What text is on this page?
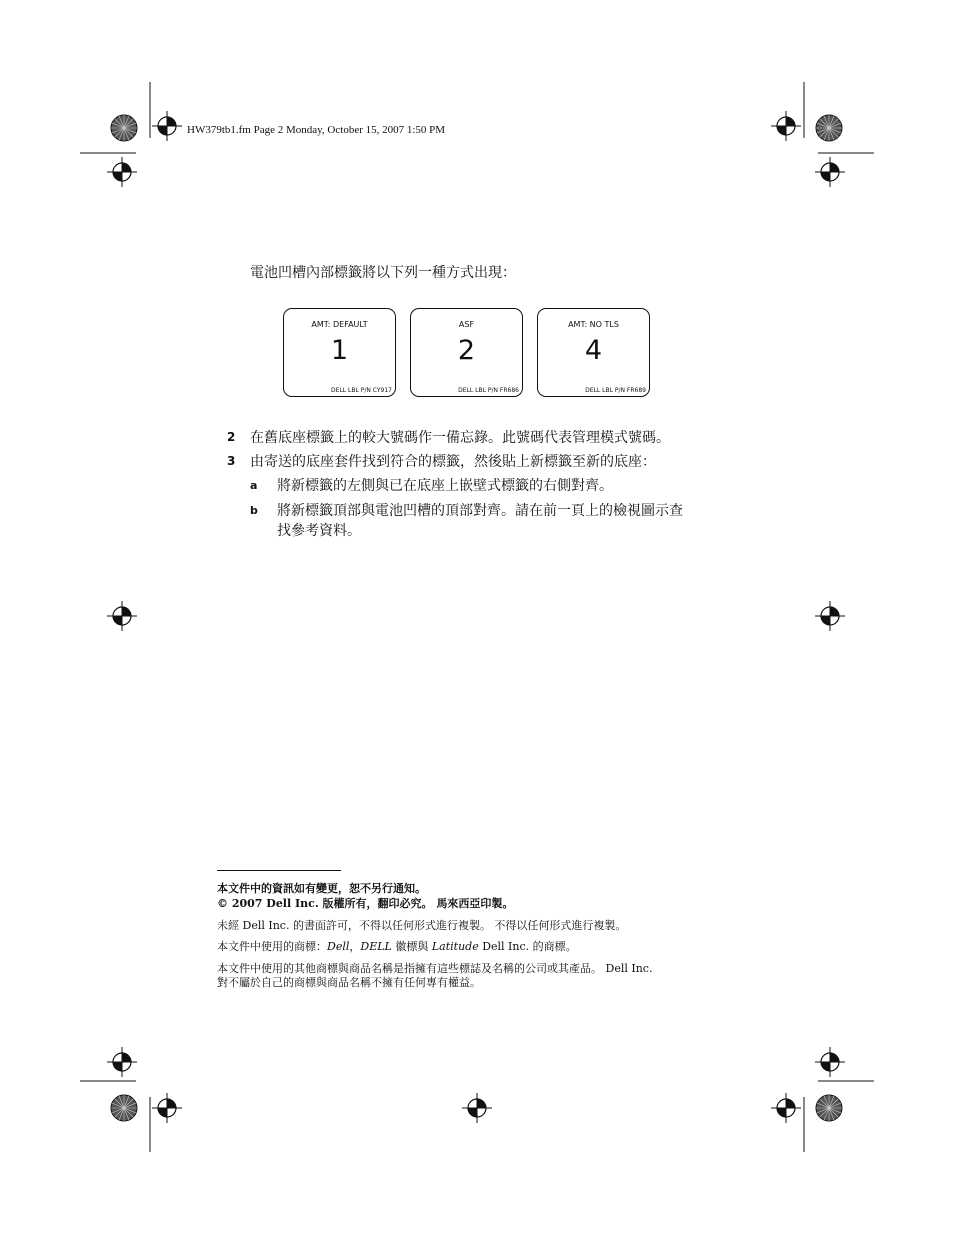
HW379tb1.fm Page 2 Monday, October 15, 2007 1:50 PM
電池凹槽內部標籤將以下列一種方式出現：
AMT: DEFAULT
1
DELL LBL P/N CY917
ASF
2
DELL LBL P/N FR686
AMT: NO TLS
4
DELL LBL P/N FR689
2 在舊底座標籤上的較大號碼作一備忘錄。此號碼代表管理模式號碼。
3 由寄送的底座套件找到符合的標籤，然後貼上新標籤至新的底座：
a 將新標籤的左側與已在底座上嵌壁式標籤的右側對齊。
b 將新標籤頂部與電池凹槽的頂部對齊。請在前一頁上的檢視圖示查
找參考資料。
本文件中的資訊如有變更，恕不另行通知。
© 2007 Dell Inc. 版權所有，翻印必究。 馬來西亞印製。
未經 Dell Inc. 的書面許可，不得以任何形式進行複製。 不得以任何形式進行複製。
本文件中使用的商標：Dell，DELL 徽標與 Latitude Dell Inc. 的商標。
本文件中使用的其他商標與商品名稱是指擁有這些標誌及名稱的公司或其產品。 Dell Inc.
對不屬於自己的商標與商品名稱不擁有任何專有權益。
